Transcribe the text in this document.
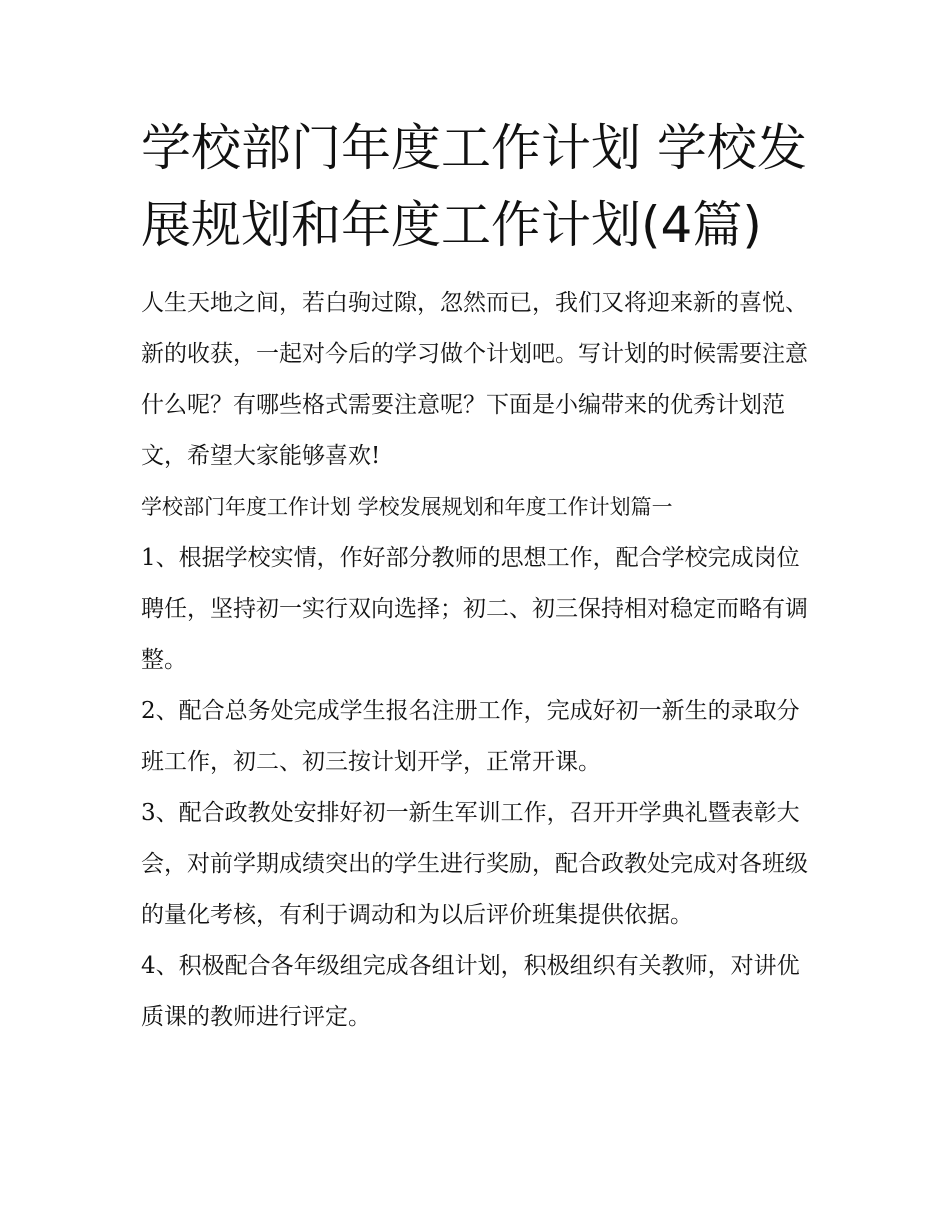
学校部门年度工作计划 学校发展规划和年度工作计划(4篇)

人生天地之间，若白驹过隙，忽然而已，我们又将迎来新的喜悦、新的收获，一起对今后的学习做个计划吧。写计划的时候需要注意什么呢？有哪些格式需要注意呢？下面是小编带来的优秀计划范文，希望大家能够喜欢!

学校部门年度工作计划 学校发展规划和年度工作计划篇一

1、根据学校实情，作好部分教师的思想工作，配合学校完成岗位聘任，坚持初一实行双向选择；初二、初三保持相对稳定而略有调整。

2、配合总务处完成学生报名注册工作，完成好初一新生的录取分班工作，初二、初三按计划开学，正常开课。

3、配合政教处安排好初一新生军训工作，召开开学典礼暨表彰大会，对前学期成绩突出的学生进行奖励，配合政教处完成对各班级的量化考核，有利于调动和为以后评价班集提供依据。

4、积极配合各年级组完成各组计划，积极组织有关教师，对讲优质课的教师进行评定。
